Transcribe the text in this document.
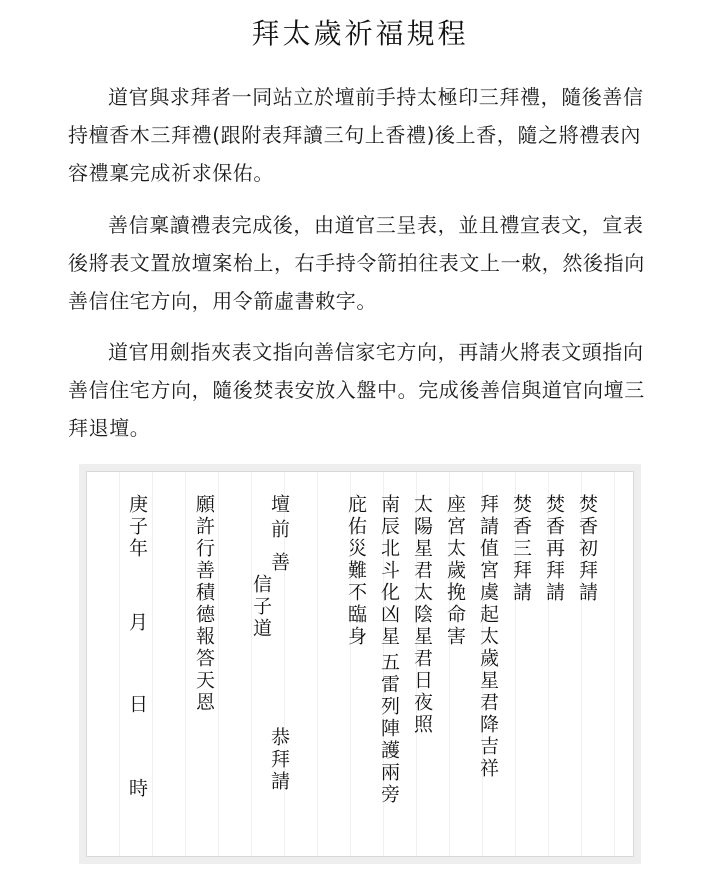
拜太歲祈福規程
道官與求拜者一同站立於壇前手持太極印三拜禮，隨後善信持檀香木三拜禮(跟附表拜讀三句上香禮)後上香，隨之將禮表內容禮稟完成祈求保佑。
善信稟讀禮表完成後，由道官三呈表，並且禮宣表文，宣表後將表文置放壇案枱上，右手持令箭拍往表文上一敕，然後指向善信住宅方向，用令箭虛書敕字。
道官用劍指夾表文指向善信家宅方向，再請火將表文頭指向善信住宅方向，隨後焚表安放入盤中。完成後善信與道官向壇三拜退壇。
焚香初拜請
焚香再拜請
焚香三拜請
拜請值宮虞起太歲星君降吉祥
座宮太歲挽命害
太陽星君太陰星君日夜照
南辰北斗化凶星
五雷列陣護兩旁
庇佑災難不臨身
壇前
善
信子道
恭拜請
願許行善積德報答天恩
庚子年
月
日
時
